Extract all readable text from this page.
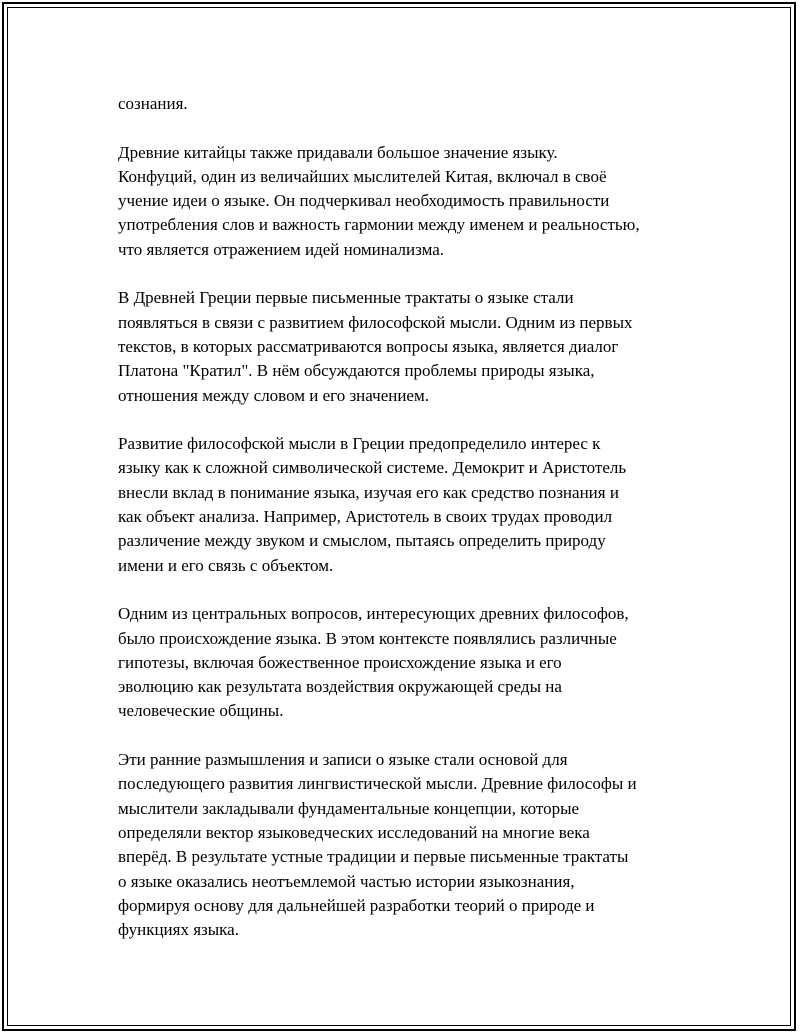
сознания.

Древние китайцы также придавали большое значение языку.
Конфуций, один из величайших мыслителей Китая, включал в своё
учение идеи о языке. Он подчеркивал необходимость правильности
употребления слов и важность гармонии между именем и реальностью,
что является отражением идей номинализма.

В Древней Греции первые письменные трактаты о языке стали
появляться в связи с развитием философской мысли. Одним из первых
текстов, в которых рассматриваются вопросы языка, является диалог
Платона "Кратил". В нём обсуждаются проблемы природы языка,
отношения между словом и его значением.

Развитие философской мысли в Греции предопределило интерес к
языку как к сложной символической системе. Демокрит и Аристотель
внесли вклад в понимание языка, изучая его как средство познания и
как объект анализа. Например, Аристотель в своих трудах проводил
различение между звуком и смыслом, пытаясь определить природу
имени и его связь с объектом.

Одним из центральных вопросов, интересующих древних философов,
было происхождение языка. В этом контексте появлялись различные
гипотезы, включая божественное происхождение языка и его
эволюцию как результата воздействия окружающей среды на
человеческие общины.

Эти ранние размышления и записи о языке стали основой для
последующего развития лингвистической мысли. Древние философы и
мыслители закладывали фундаментальные концепции, которые
определяли вектор языковедческих исследований на многие века
вперёд. В результате устные традиции и первые письменные трактаты
о языке оказались неотъемлемой частью истории языкознания,
формируя основу для дальнейшей разработки теорий о природе и
функциях языка.
